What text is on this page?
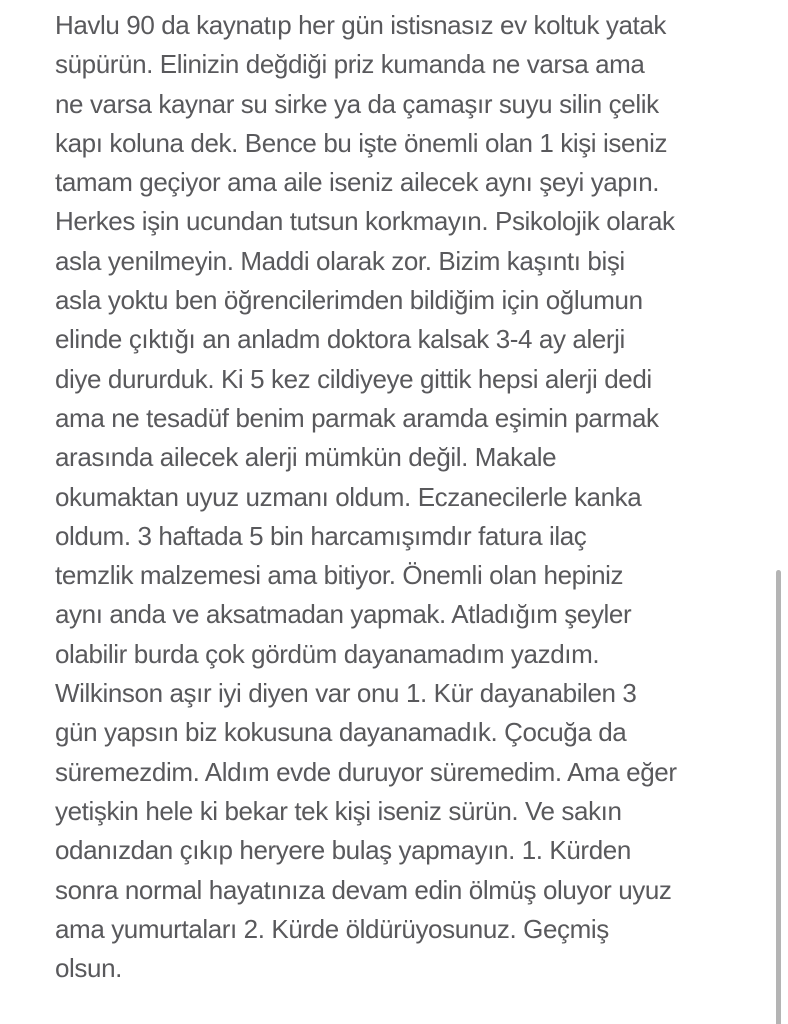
Havlu 90 da kaynatıp her gün istisnasız ev koltuk yatak
süpürün. Elinizin değdiği priz kumanda ne varsa ama
ne varsa kaynar su sirke ya da çamaşır suyu silin çelik
kapı koluna dek. Bence bu işte önemli olan 1 kişi iseniz
tamam geçiyor ama aile iseniz ailecek aynı şeyi yapın.
Herkes işin ucundan tutsun korkmayın. Psikolojik olarak
asla yenilmeyin. Maddi olarak zor. Bizim kaşıntı bişi
asla yoktu ben öğrencilerimden bildiğim için oğlumun
elinde çıktığı an anladm doktora kalsak 3-4 ay alerji
diye dururduk. Ki 5 kez cildiyeye gittik hepsi alerji dedi
ama ne tesadüf benim parmak aramda eşimin parmak
arasında ailecek alerji mümkün değil. Makale
okumaktan uyuz uzmanı oldum. Eczanecilerle kanka
oldum. 3 haftada 5 bin harcamışımdır fatura ilaç
temzlik malzemesi ama bitiyor. Önemli olan hepiniz
aynı anda ve aksatmadan yapmak. Atladığım şeyler
olabilir burda çok gördüm dayanamadım yazdım.
Wilkinson aşır iyi diyen var onu 1. Kür dayanabilen 3
gün yapsın biz kokusuna dayanamadık. Çocuğa da
süremezdim. Aldım evde duruyor süremedim. Ama eğer
yetişkin hele ki bekar tek kişi iseniz sürün. Ve sakın
odanızdan çıkıp heryere bulaş yapmayın. 1. Kürden
sonra normal hayatınıza devam edin ölmüş oluyor uyuz
ama yumurtaları 2. Kürde öldürüyosunuz. Geçmiş
olsun.
